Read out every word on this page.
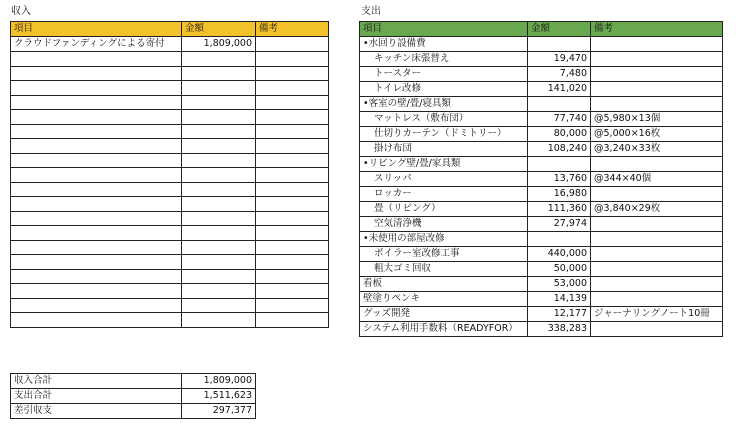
収入
項目	金額	備考
クラウドファンディングによる寄付	1,809,000	

支出
項目	金額	備考
•水回り設備費		
キッチン床張替え	19,470	
トースター	7,480	
トイレ改修	141,020	
•客室の壁/畳/寝具類		
マットレス（敷布団）	77,740	@5,980×13個
仕切りカーテン（ドミトリー）	80,000	@5,000×16枚
掛け布団	108,240	@3,240×33枚
•リビング壁/畳/家具類		
スリッパ	13,760	@344×40個
ロッカー	16,980	
畳（リビング）	111,360	@3,840×29枚
空気清浄機	27,974	
•未使用の部屋改修		
ボイラー室改修工事	440,000	
粗大ゴミ回収	50,000	
看板	53,000	
壁塗りペンキ	14,139	
グッズ開発	12,177	ジャーナリングノート10冊
システム利用手数料（READYFOR）	338,283	
収入合計	1,809,000
支出合計	1,511,623
差引収支	297,377
